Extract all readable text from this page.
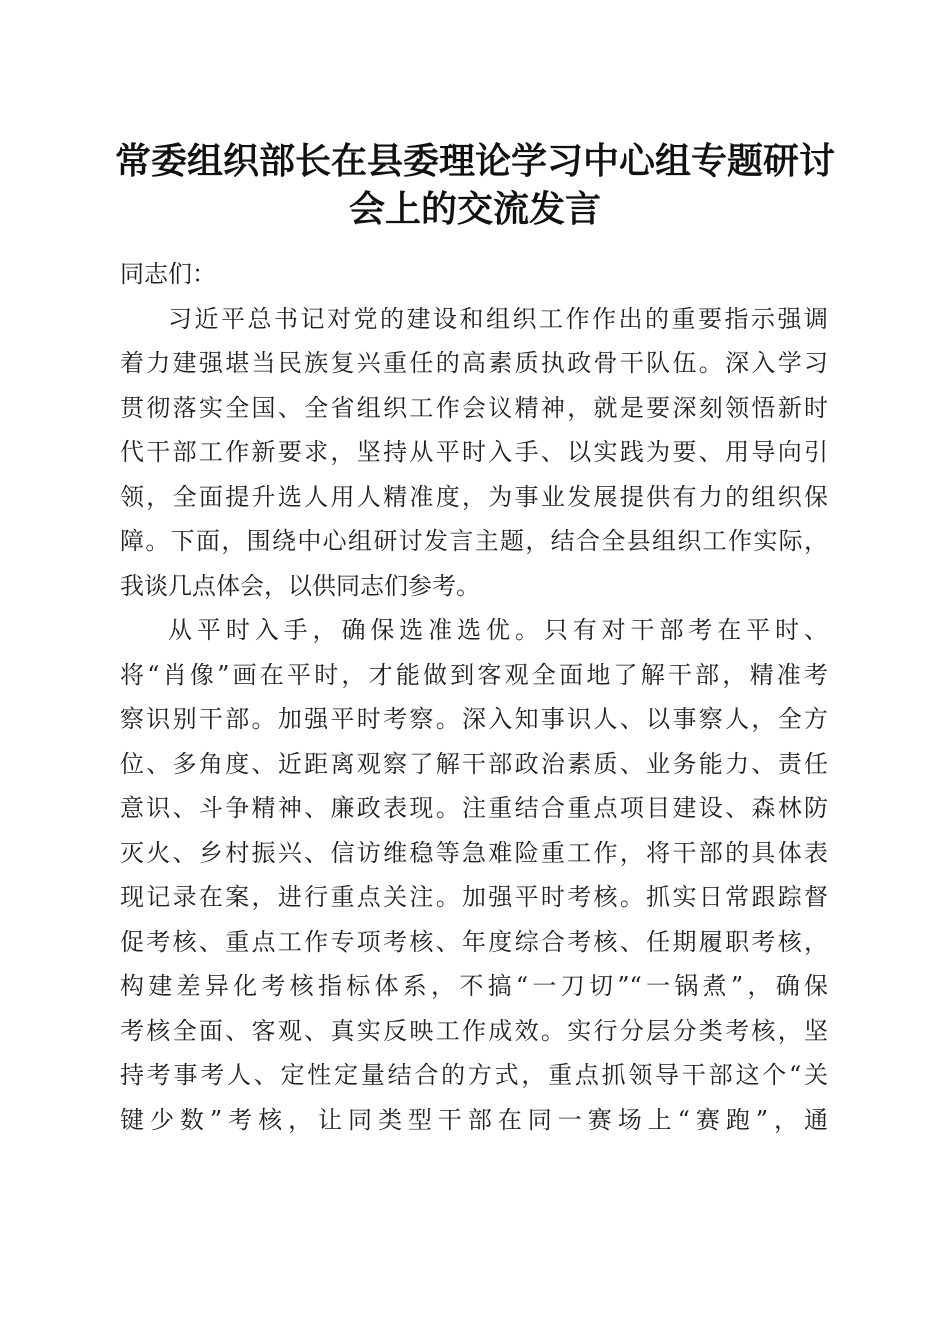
常委组织部长在县委理论学习中心组专题研讨
会上的交流发言
同志们：
习近平总书记对党的建设和组织工作作出的重要指示强调
着力建强堪当民族复兴重任的高素质执政骨干队伍。深入学习
贯彻落实全国、全省组织工作会议精神，就是要深刻领悟新时
代干部工作新要求，坚持从平时入手、以实践为要、用导向引
领，全面提升选人用人精准度，为事业发展提供有力的组织保
障。下面，围绕中心组研讨发言主题，结合全县组织工作实际，
我谈几点体会，以供同志们参考。
从平时入手，确保选准选优。只有对干部考在平时、
将“肖像”画在平时，才能做到客观全面地了解干部，精准考
察识别干部。加强平时考察。深入知事识人、以事察人，全方
位、多角度、近距离观察了解干部政治素质、业务能力、责任
意识、斗争精神、廉政表现。注重结合重点项目建设、森林防
灭火、乡村振兴、信访维稳等急难险重工作，将干部的具体表
现记录在案，进行重点关注。加强平时考核。抓实日常跟踪督
促考核、重点工作专项考核、年度综合考核、任期履职考核，
构建差异化考核指标体系，不搞“一刀切”“一锅煮”，确保
考核全面、客观、真实反映工作成效。实行分层分类考核，坚
持考事考人、定性定量结合的方式，重点抓领导干部这个“关
键少数”考核，让同类型干部在同一赛场上“赛跑”，通
